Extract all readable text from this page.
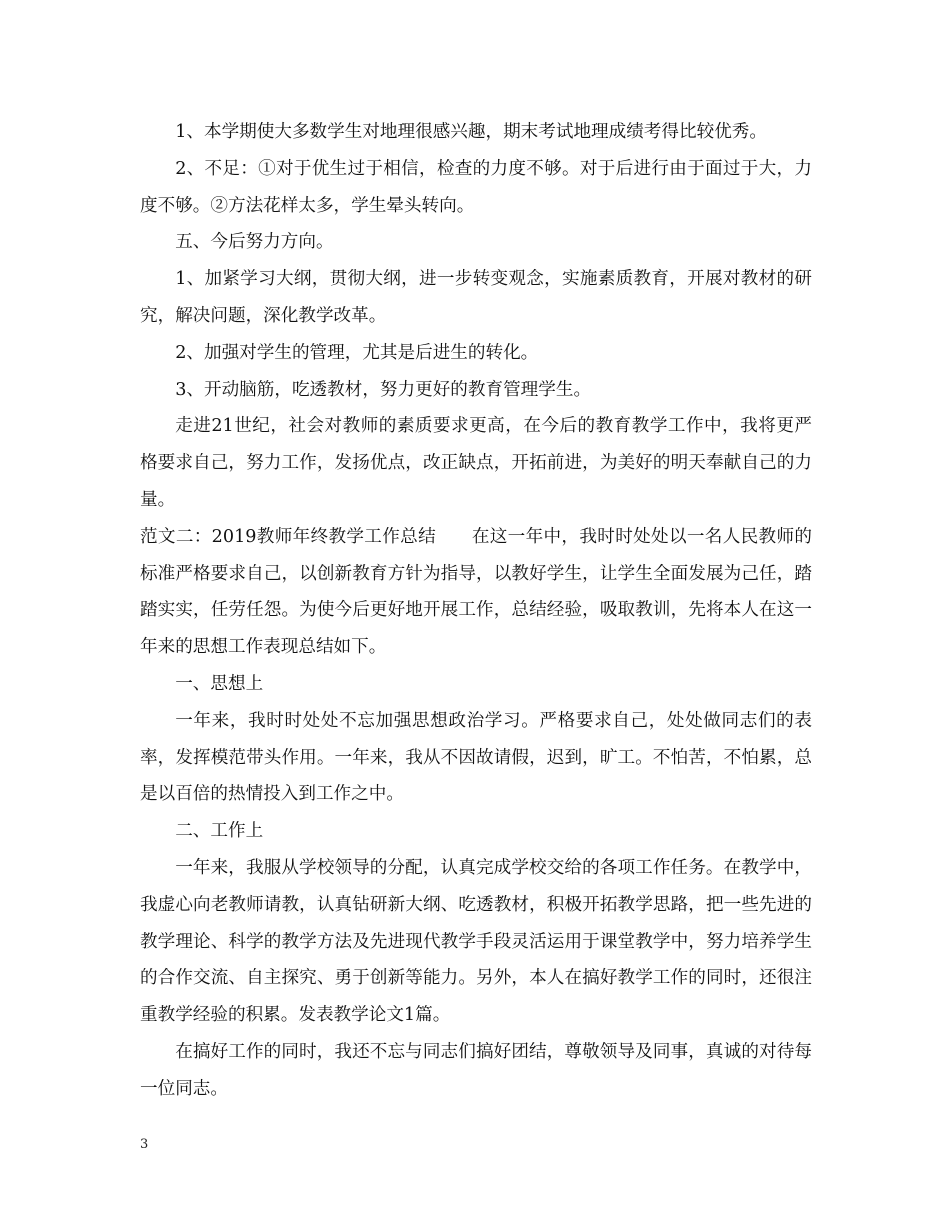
1、本学期使大多数学生对地理很感兴趣，期末考试地理成绩考得比较优秀。

2、不足：①对于优生过于相信，检查的力度不够。对于后进行由于面过于大，力度不够。②方法花样太多，学生晕头转向。

五、今后努力方向。

1、加紧学习大纲，贯彻大纲，进一步转变观念，实施素质教育，开展对教材的研究，解决问题，深化教学改革。

2、加强对学生的管理，尤其是后进生的转化。

3、开动脑筋，吃透教材，努力更好的教育管理学生。

走进21世纪，社会对教师的素质要求更高，在今后的教育教学工作中，我将更严格要求自己，努力工作，发扬优点，改正缺点，开拓前进，为美好的明天奉献自己的力量。

范文二：2019教师年终教学工作总结　　在这一年中，我时时处处以一名人民教师的标准严格要求自己，以创新教育方针为指导，以教好学生，让学生全面发展为己任，踏踏实实，任劳任怨。为使今后更好地开展工作，总结经验，吸取教训，先将本人在这一年来的思想工作表现总结如下。

一、思想上

一年来，我时时处处不忘加强思想政治学习。严格要求自己，处处做同志们的表率，发挥模范带头作用。一年来，我从不因故请假，迟到，旷工。不怕苦，不怕累，总是以百倍的热情投入到工作之中。

二、工作上

一年来，我服从学校领导的分配，认真完成学校交给的各项工作任务。在教学中，我虚心向老教师请教，认真钻研新大纲、吃透教材，积极开拓教学思路，把一些先进的教学理论、科学的教学方法及先进现代教学手段灵活运用于课堂教学中，努力培养学生的合作交流、自主探究、勇于创新等能力。另外，本人在搞好教学工作的同时，还很注重教学经验的积累。发表教学论文1篇。

在搞好工作的同时，我还不忘与同志们搞好团结，尊敬领导及同事，真诚的对待每一位同志。

3
